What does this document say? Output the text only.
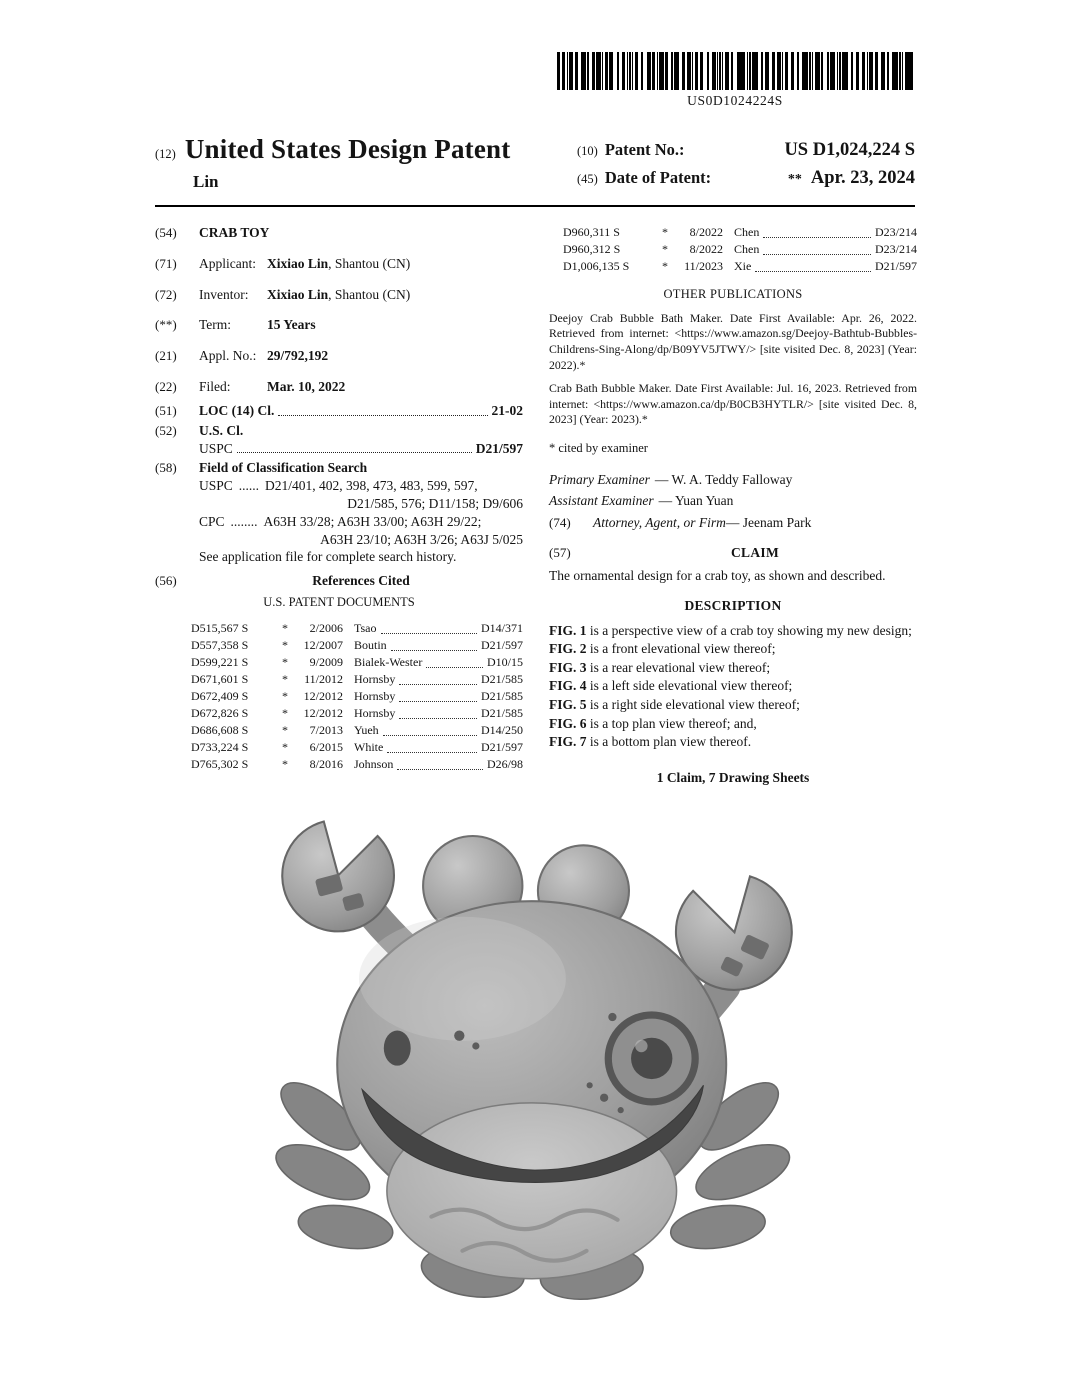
US0D1024224S
(12) United States Design Patent
Lin
(10) Patent No.:	US D1,024,224 S
(45) Date of Patent:	** Apr. 23, 2024
(54)	CRAB TOY
(71)	Applicant: Xixiao Lin, Shantou (CN)
(72)	Inventor: Xixiao Lin, Shantou (CN)
(**)	Term:	15 Years
(21)	Appl. No.: 29/792,192
(22)	Filed:	Mar. 10, 2022
(51)	LOC (14) Cl.	21-02
(52)	U.S. Cl.
USPC	D21/597
(58)	Field of Classification Search
USPC ...... D21/401, 402, 398, 473, 483, 599, 597,
D21/585, 576; D11/158; D9/606
CPC ........ A63H 33/28; A63H 33/00; A63H 29/22;
A63H 23/10; A63H 3/26; A63J 5/025
See application file for complete search history.
(56)	References Cited
U.S. PATENT DOCUMENTS
D515,567 S	*	2/2006 Tsao	D14/371
D557,358 S	*	12/2007 Boutin	D21/597
D599,221 S	*	9/2009 Bialek-Wester	D10/15
D671,601 S	*	11/2012 Hornsby	D21/585
D672,409 S	*	12/2012 Hornsby	D21/585
D672,826 S	*	12/2012 Hornsby	D21/585
D686,608 S	*	7/2013 Yueh	D14/250
D733,224 S	*	6/2015 White	D21/597
D765,302 S	*	8/2016 Johnson	D26/98
D960,311 S	*	8/2022 Chen	D23/214
D960,312 S	*	8/2022 Chen	D23/214
D1,006,135 S	*	11/2023 Xie	D21/597
OTHER PUBLICATIONS
Deejoy Crab Bubble Bath Maker. Date First Available: Apr. 26, 2022. Retrieved from internet: <https://www.amazon.sg/Deejoy-Bathtub-Bubbles-Childrens-Sing-Along/dp/B09YV5JTWY/> [site visited Dec. 8, 2023] (Year: 2022).*
Crab Bath Bubble Maker. Date First Available: Jul. 16, 2023. Retrieved from internet: <https://www.amazon.ca/dp/B0CB3HYTLR/> [site visited Dec. 8, 2023] (Year: 2023).*
* cited by examiner
Primary Examiner — W. A. Teddy Falloway
Assistant Examiner — Yuan Yuan
(74)	Attorney, Agent, or Firm— Jeenam Park
(57)	CLAIM
The ornamental design for a crab toy, as shown and described.
DESCRIPTION
FIG. 1 is a perspective view of a crab toy showing my new design;
FIG. 2 is a front elevational view thereof;
FIG. 3 is a rear elevational view thereof;
FIG. 4 is a left side elevational view thereof;
FIG. 5 is a right side elevational view thereof;
FIG. 6 is a top plan view thereof; and,
FIG. 7 is a bottom plan view thereof.
1 Claim, 7 Drawing Sheets
